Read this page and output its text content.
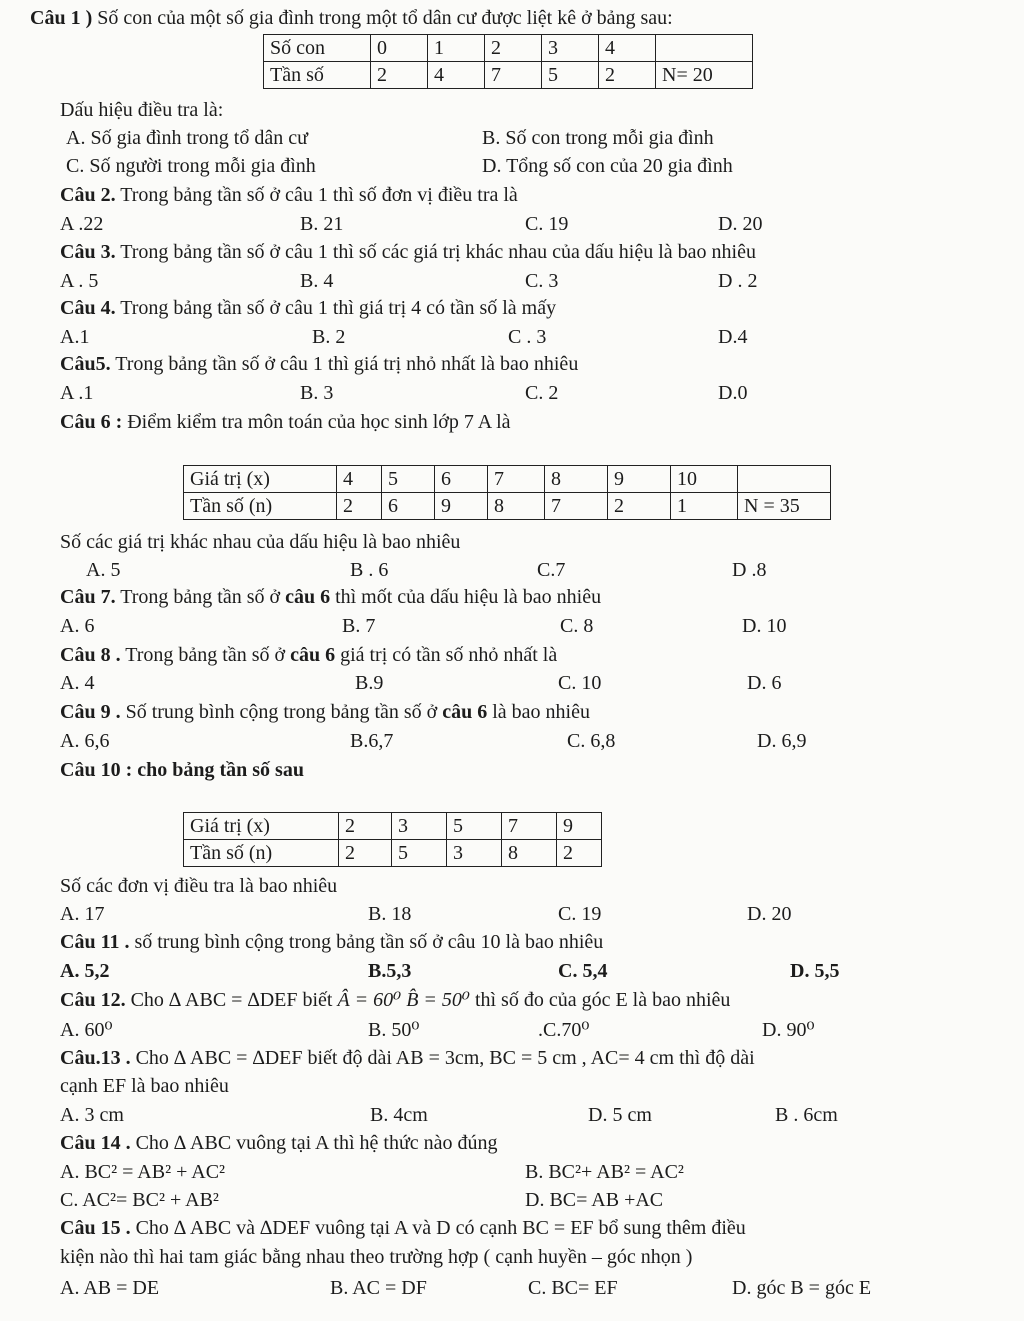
Câu 1 ) Số con của một số gia đình trong một tổ dân cư được liệt kê ở bảng sau:
Số con	0	1	2	3	4	
Tần số	2	4	7	5	2	N= 20
Dấu hiệu điều tra là:
A. Số gia đình trong tổ dân cư	B. Số con trong mỗi gia đình
C. Số người trong mỗi gia đình	D. Tổng số con của 20 gia đình
Câu 2. Trong bảng tần số ở câu 1 thì số đơn vị điều tra là
A .22	B. 21	C. 19	D. 20
Câu 3. Trong bảng tần số ở câu 1 thì số các giá trị khác nhau của dấu hiệu là bao nhiêu
A . 5	B. 4	C. 3	D . 2
Câu 4. Trong bảng tần số ở câu 1 thì giá trị 4 có tần số là mấy
A.1	B. 2	C . 3	D.4
Câu5. Trong bảng tần số ở câu 1 thì giá trị nhỏ nhất là bao nhiêu
A .1	B. 3	C. 2	D.0
Câu 6 : Điểm kiểm tra môn toán của học sinh lớp 7 A là
Giá trị (x)	4	5	6	7	8	9	10	
Tần số (n)	2	6	9	8	7	2	1	N = 35
Số các giá trị khác nhau của dấu hiệu là bao nhiêu
A. 5	B . 6	C.7	D .8
Câu 7. Trong bảng tần số ở câu 6 thì mốt của dấu hiệu là bao nhiêu
A. 6	B. 7	C. 8	D. 10
Câu 8 . Trong bảng tần số ở câu 6 giá trị có tần số nhỏ nhất là
A. 4	B.9	C. 10	D. 6
Câu 9 . Số trung bình cộng trong bảng tần số ở câu 6 là bao nhiêu
A. 6,6	B.6,7	C. 6,8	D. 6,9
Câu 10 : cho bảng tần số sau
Giá trị (x)	2	3	5	7	9
Tần số (n)	2	5	3	8	2
Số các đơn vị điều tra là bao nhiêu
A. 17	B. 18	C. 19	D. 20
Câu 11 . số trung bình cộng trong bảng tần số ở câu 10 là bao nhiêu
A. 5,2	B.5,3	C. 5,4	D. 5,5
Câu 12. Cho ∆ ABC = ∆DEF biết Â = 60⁰ B̂ = 50⁰ thì số đo của góc E là bao nhiêu
A. 60⁰	B. 50⁰	.C.70⁰	D. 90⁰
Câu.13 . Cho ∆ ABC = ∆DEF biết độ dài AB = 3cm, BC = 5 cm , AC= 4 cm thì độ dài
cạnh EF là bao nhiêu
A. 3 cm	B. 4cm	D. 5 cm	B . 6cm
Câu 14 . Cho ∆ ABC vuông tại A thì hệ thức nào đúng
A. BC² = AB² + AC²	B. BC²+ AB² = AC²
C. AC²= BC² + AB²	D. BC= AB +AC
Câu 15 . Cho ∆ ABC và ∆DEF vuông tại A và D có cạnh BC = EF bổ sung thêm điều
kiện nào thì hai tam giác bằng nhau theo trường hợp ( cạnh huyền – góc nhọn )
A. AB = DE	B. AC = DF	C. BC= EF	D. góc B = góc E
